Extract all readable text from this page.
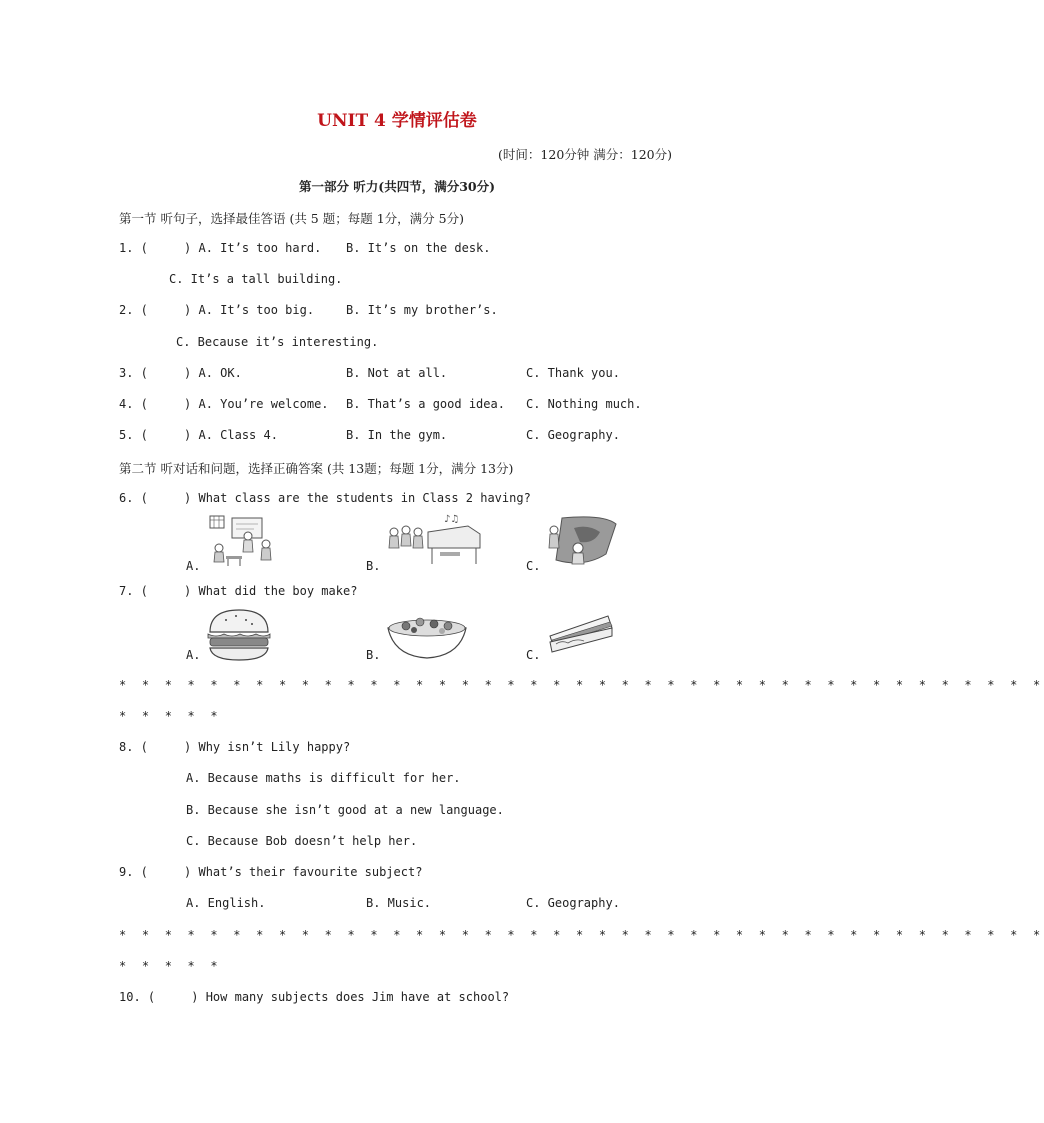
UNIT 4 学情评估卷
(时间：120分钟 满分：120分)
第一部分 听力(共四节，满分30分)
第一节 听句子，选择最佳答语 (共 5 题；每题 1分，满分 5分)
1. (     ) A. It’s too hard. B. It’s on the desk.
C. It’s a tall building.
2. (     ) A. It’s too big.	B. It’s my brother’s.
C. Because it’s interesting.
3. (     ) A. OK.	B. Not at all.	C. Thank you.
4. (     ) A. You’re welcome. B. That’s a good idea. C. Nothing much.
5. (     ) A. Class 4.	B. In the gym.	C. Geography.
第二节 听对话和问题，选择正确答案 (共 13题；每题 1分，满分 13分)
6. (     ) What class are the students in Class 2 having?
♪♫
A.	B.	C.
7. (     ) What did the boy make?
A.	B.	C.
* * * * * * * * * * * * * * * * * * * * * * * * * * * * * * * * * * * * * * * * *
* * * * *
8. (     ) Why isn’t Lily happy?
A. Because maths is difficult for her.
B. Because she isn’t good at a new language.
C. Because Bob doesn’t help her.
9. (     ) What’s their favourite subject?
A. English.	B. Music.	C. Geography.
* * * * * * * * * * * * * * * * * * * * * * * * * * * * * * * * * * * * * * * * *
* * * * *
10. (     ) How many subjects does Jim have at school?
